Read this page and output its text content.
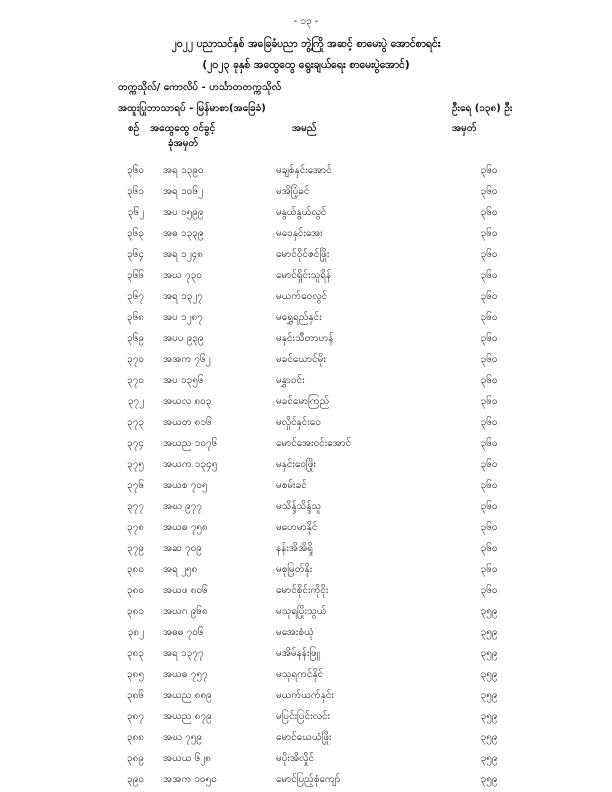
- ၁၃ -
၂၀၂၂ ပညာသင်နှစ် အခြေခံပညာ ဘွဲ့ကြို အဆင့် စာမေးပွဲ အောင်စာရင်း
(၂၀၂၃ ခုနှစ် အထွေထွေ ရွေးချယ်ရေး စာမေးပွဲအောင်)
တက္ကသိုလ်/ ကောလိပ် - ဟင်္သာတတက္ကသိုလ်
အထူးပြုဘာသာရပ် - မြန်မာစာ(အခြေခံ)	ဦးရေ (၁၃၈) ဦး
စဉ် အထွေထွေ ဝင်ခွင့်
ခုံအမှတ်
အမည်	အမှတ်
၃၆၀ အရ ၁၃၉၀	မချစ်နှင်းအောင်	၃၆၀
၃၆၁ အရ ၁၀၆၂	မအိပြံ့ခင်	၃၆၀
၃၆၂ အပ ၁၅၉၉	မနွယ်နွယ်လွင်	၃၆၀
၃၆၃ အဓ ၁၃၃၉	မဝေနှင်းအေး	၃၆၀
၃၆၄ အရ ၁၂၄၈	မောင်ဝိုင်ဇင်ဖြိုး	၃၆၀
၃၆၆ အယ ၇၃၀	မောင်ရှိုင်းသူရိန်	၃၆၀
၃၆၇ အရ ၁၃၂၇	မယက်ဝေလွင်	၃၆၀
၃၆၈ အပ ၁၂၈၇	မရွှေရည်နှင်း	၃၆၀
၃၆၉ အပပ ၉၃၉	မနှင်းသီတာဟန်	၃၆၀
၃၇၀ အအက ၇၆၂	မခင်ယောင်မိုး	၃၆၀
၃၇၀ အပ ၁၃၅၆	မနွှာဝင်း	၃၆၀
၃၇၂ အယလ ၈၀၃	မခင်မောကြည်	၃၆၀
၃၇၃ အယတ ၈၁၆	မလှိုင်နှင်းဝေ	၃၆၀
၃၇၄ အယည ၁၀၇၆	မောင်အေးဝင်းအောင်	၃၆၀
၃၇၅ အယက ၁၃၄၅	မနှင်းဝေဖြိုး	၃၆၀
၃၇၆ အယစ ၇၀၅	မစမ်းခင်	၃၆၀
၃၇၇ အဃ ၉၇၇	မသိန္ဒ်သိန္ဒ်သူ	၃၆၀
၃၇၈ အယဓ ၇၅၈	မဟေမာနိုင်	၃၆၀
၃၇၉ အဆ ၇၀၉	နန်းအိအိရှို	၃၆၀
၃၈၀ အရ ၂၅၈	မစုမြတ်နိုး	၃၆၀
၃၈၀ အယဖ ၈၀၆	မောင်စိုင်းကိုငိုး	၃၆၀
၃၈၁ အယဂ ၉၆၈	မသုရပြိုးသွယ်	၃၅၉
၃၈၂ အဓဓ ၇၀၆	မအေးစံယုံ	၃၅၉
၃၈၃ အရ ၁၃၇၇	မအိမ်နန်းဖြူ	၃၅၉
၃၈၅ အယဓ ၇၅၇	မသုရကင်နိုင်	၃၅၉
၃၈၆ အယည ၈၈၉	မယက်ယက်နှင်း	၃၅၉
၃၈၇ အယည ၈၇၉	မပြင်းပြင်းလင်း	၃၅၉
၃၈၈ အဃ ၇၅၉	မောင်ယေယံဖြိုး	၃၅၉
၃၈၉ အယယ ၆၂၈	မပိုးအိလှိုင်	၃၅၉
၃၉၀ အအက ၁၀၅၀	မောင်ပြည့်စုံကျော်	၃၅၉
